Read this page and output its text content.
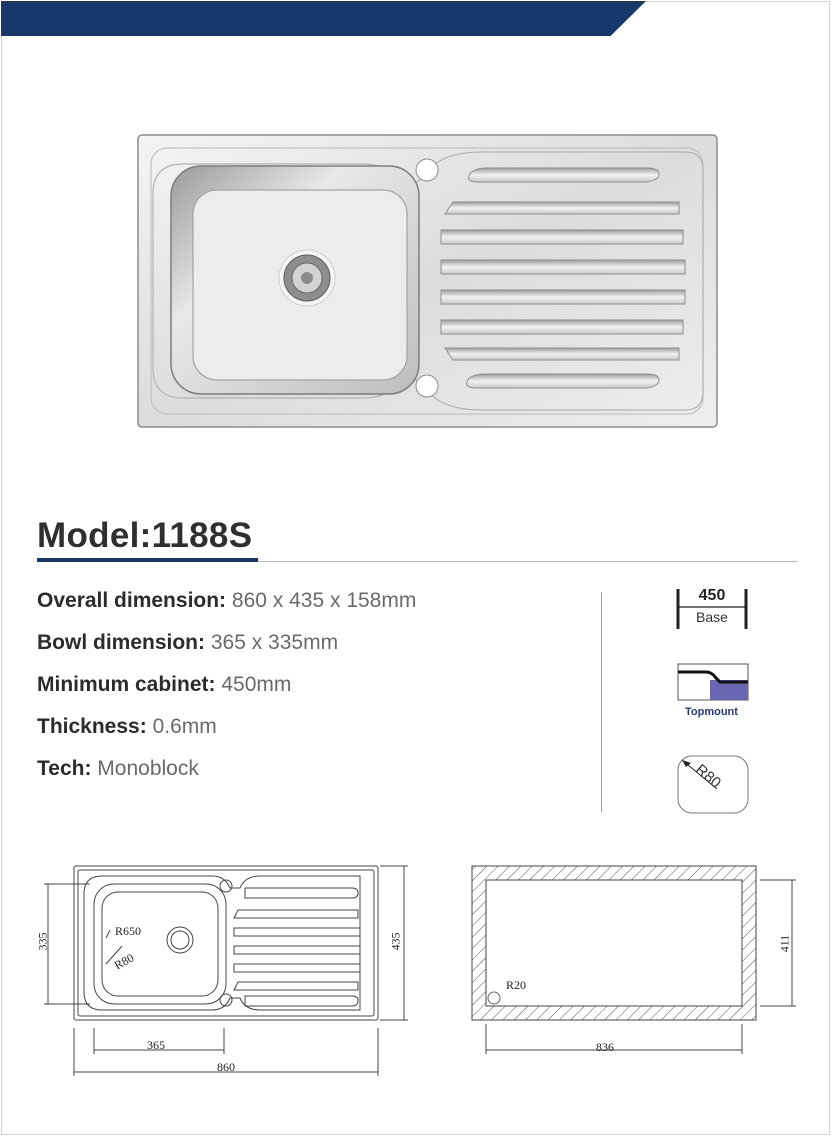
Model:1188S
Overall dimension: 860 x 435 x 158mm
Bowl dimension: 365 x 335mm
Minimum cabinet: 450mm
Thickness: 0.6mm
Tech: Monoblock
450
Base
Topmount
R80
R650
R80
335	435
365
860
R20
411
836
